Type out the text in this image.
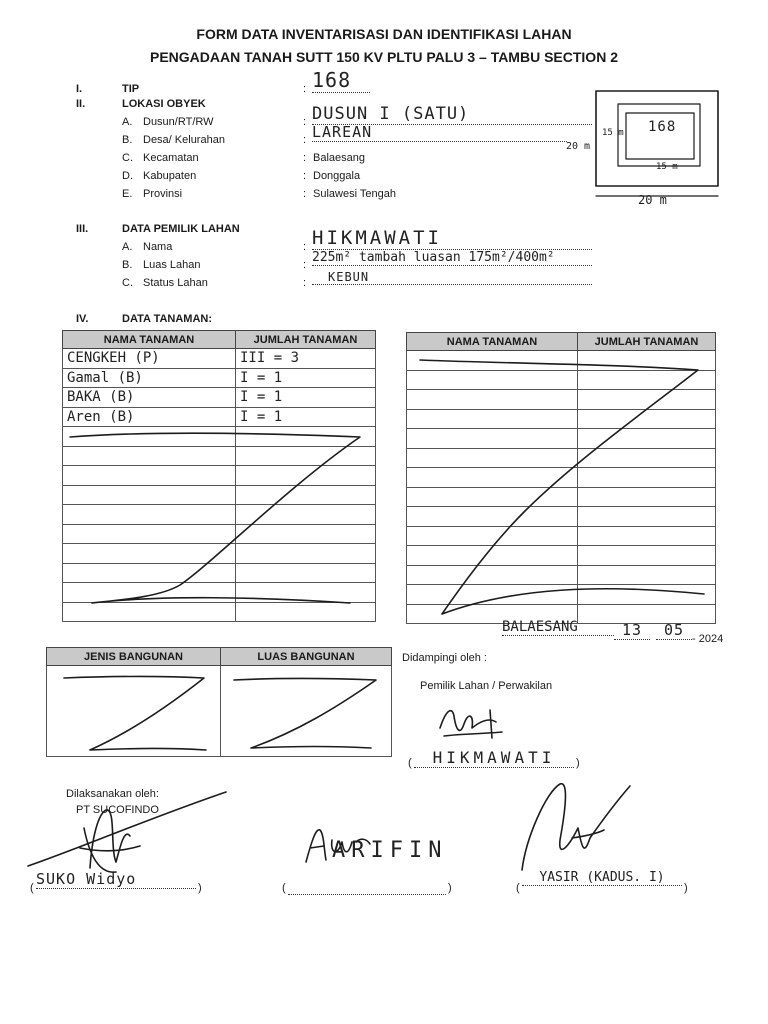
FORM DATA INVENTARISASI DAN IDENTIFIKASI LAHAN
PENGADAAN TANAH SUTT 150 KV PLTU PALU 3 – TAMBU SECTION 2
I.	TIP	: 168
II.	LOKASI OBYEK
A. Dusun/RT/RW	: DUSUN I (SATU)
B. Desa/ Kelurahan	: LAREAN
C. Kecamatan	: Balaesang
D. Kabupaten	: Donggala
E. Provinsi	: Sulawesi Tengah
168
15 m
15 m
20 m
20 m
III.	DATA PEMILIK LAHAN
A. Nama	: HIKMAWATI
B. Luas Lahan	: 225m² tambah luasan 175m²/400m²
C. Status Lahan	:	KEBUN
IV.	DATA TANAMAN:
NAMA TANAMAN	JUMLAH TANAMAN
CENGKEH (P)	III = 3
Gamal (B)	I = 1
BAKA (B)	I = 1
Aren (B)	I = 1

NAMA TANAMAN	JUMLAH TANAMAN

BALAESANG	13	05 - 2024
JENIS BANGUNAN	LUAS BANGUNAN
		Didampingi oleh :
Pemilik Lahan / Perwakilan
(	HIKMAWATI	)
Dilaksanakan oleh:
PT SUCOFINDO
( SUKO Widyo	)
ARIFIN
(	)	(
YASIR (KADUS. I)
)
